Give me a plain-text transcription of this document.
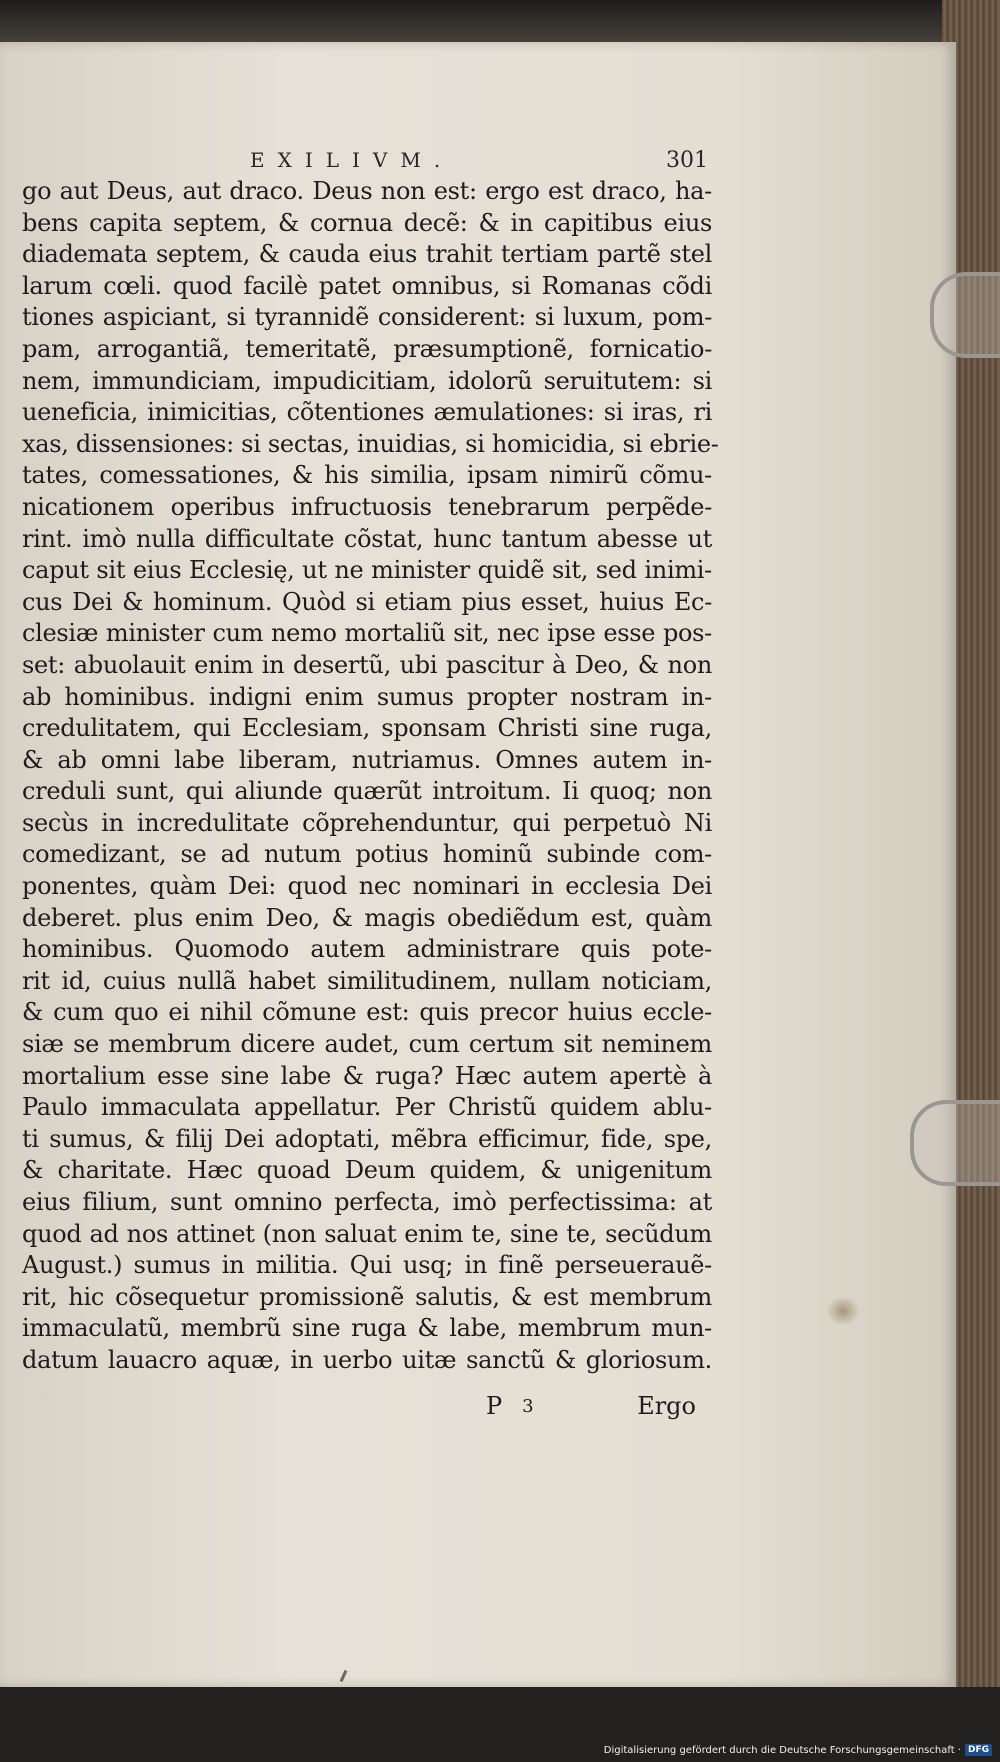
EXILIVM.	301
go aut Deus, aut draco. Deus non est: ergo est draco, ha-
bens capita septem, & cornua decẽ: & in capitibus eius
diademata septem, & cauda eius trahit tertiam partẽ stel
larum cœli. quod facilè patet omnibus, si Romanas cõdi
tiones aspiciant, si tyrannidẽ considerent: si luxum, pom-
pam, arrogantiã, temeritatẽ, præsumptionẽ, fornicatio-
nem, immundiciam, impudicitiam, idolorũ seruitutem: si
ueneficia, inimicitias, cõtentiones æmulationes: si iras, ri
xas, dissensiones: si sectas, inuidias, si homicidia, si ebrie-
tates, comessationes, & his similia, ipsam nimirũ cõmu-
nicationem operibus infructuosis tenebrarum perpẽde-
rint. imò nulla difficultate cõstat, hunc tantum abesse ut
caput sit eius Ecclesię, ut ne minister quidẽ sit, sed inimi-
cus Dei & hominum. Quòd si etiam pius esset, huius Ec-
clesiæ minister cum nemo mortaliũ sit, nec ipse esse pos-
set: abuolauit enim in desertũ, ubi pascitur à Deo, & non
ab hominibus. indigni enim sumus propter nostram in-
credulitatem, qui Ecclesiam, sponsam Christi sine ruga,
& ab omni labe liberam, nutriamus. Omnes autem in-
creduli sunt, qui aliunde quærũt introitum. Ii quoq; non
secùs in incredulitate cõprehenduntur, qui perpetuò Ni
comedizant, se ad nutum potius hominũ subinde com-
ponentes, quàm Dei: quod nec nominari in ecclesia Dei
deberet. plus enim Deo, & magis obediẽdum est, quàm
hominibus. Quomodo autem administrare quis pote-
rit id, cuius nullã habet similitudinem, nullam noticiam,
& cum quo ei nihil cõmune est: quis precor huius eccle-
siæ se membrum dicere audet, cum certum sit neminem
mortalium esse sine labe & ruga? Hæc autem apertè à
Paulo immaculata appellatur. Per Christũ quidem ablu-
ti sumus, & filij Dei adoptati, mẽbra efficimur, fide, spe,
& charitate. Hæc quoad Deum quidem, & unigenitum
eius filium, sunt omnino perfecta, imò perfectissima: at
quod ad nos attinet (non saluat enim te, sine te, secũdum
August.) sumus in militia. Qui usq; in finẽ perseuerauẽ-
rit, hic cõsequetur promissionẽ salutis, & est membrum
immaculatũ, membrũ sine ruga & labe, membrum mun-
datum lauacro aquæ, in uerbo uitæ sanctũ & gloriosum.
P 3	Ergo
Digitalisierung gefördert durch die Deutsche Forschungsgemeinschaft · DFG
